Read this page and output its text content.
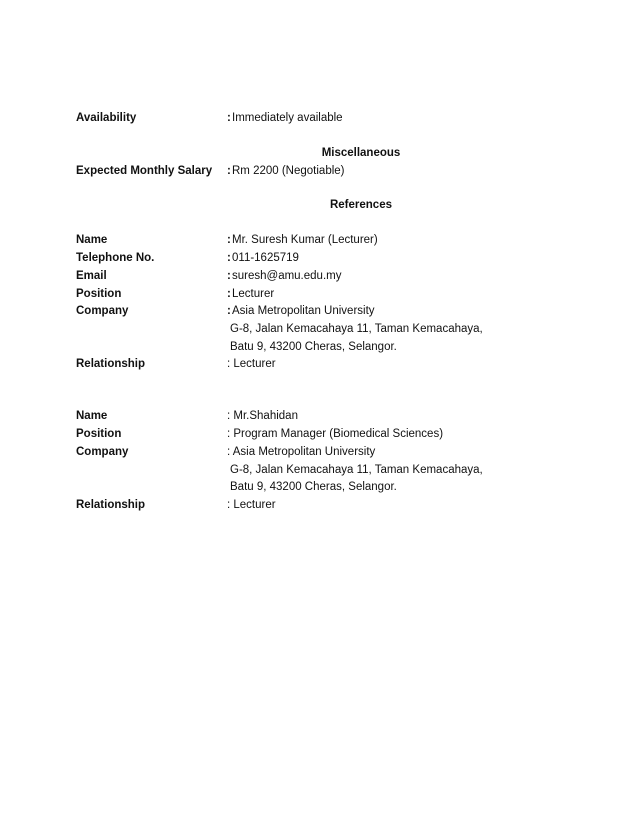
Availability	: Immediately available
Miscellaneous
Expected Monthly Salary : Rm 2200 (Negotiable)
References
Name	: Mr. Suresh Kumar (Lecturer)
Telephone No.	: 011-1625719
Email	: suresh@amu.edu.my
Position	: Lecturer
Company	: Asia Metropolitan University
G-8, Jalan Kemacahaya 11, Taman Kemacahaya,
Batu 9, 43200 Cheras, Selangor.
Relationship	: Lecturer
Name	: Mr.Shahidan
Position	: Program Manager (Biomedical Sciences)
Company	: Asia Metropolitan University
G-8, Jalan Kemacahaya 11, Taman Kemacahaya,
Batu 9, 43200 Cheras, Selangor.
Relationship	: Lecturer
